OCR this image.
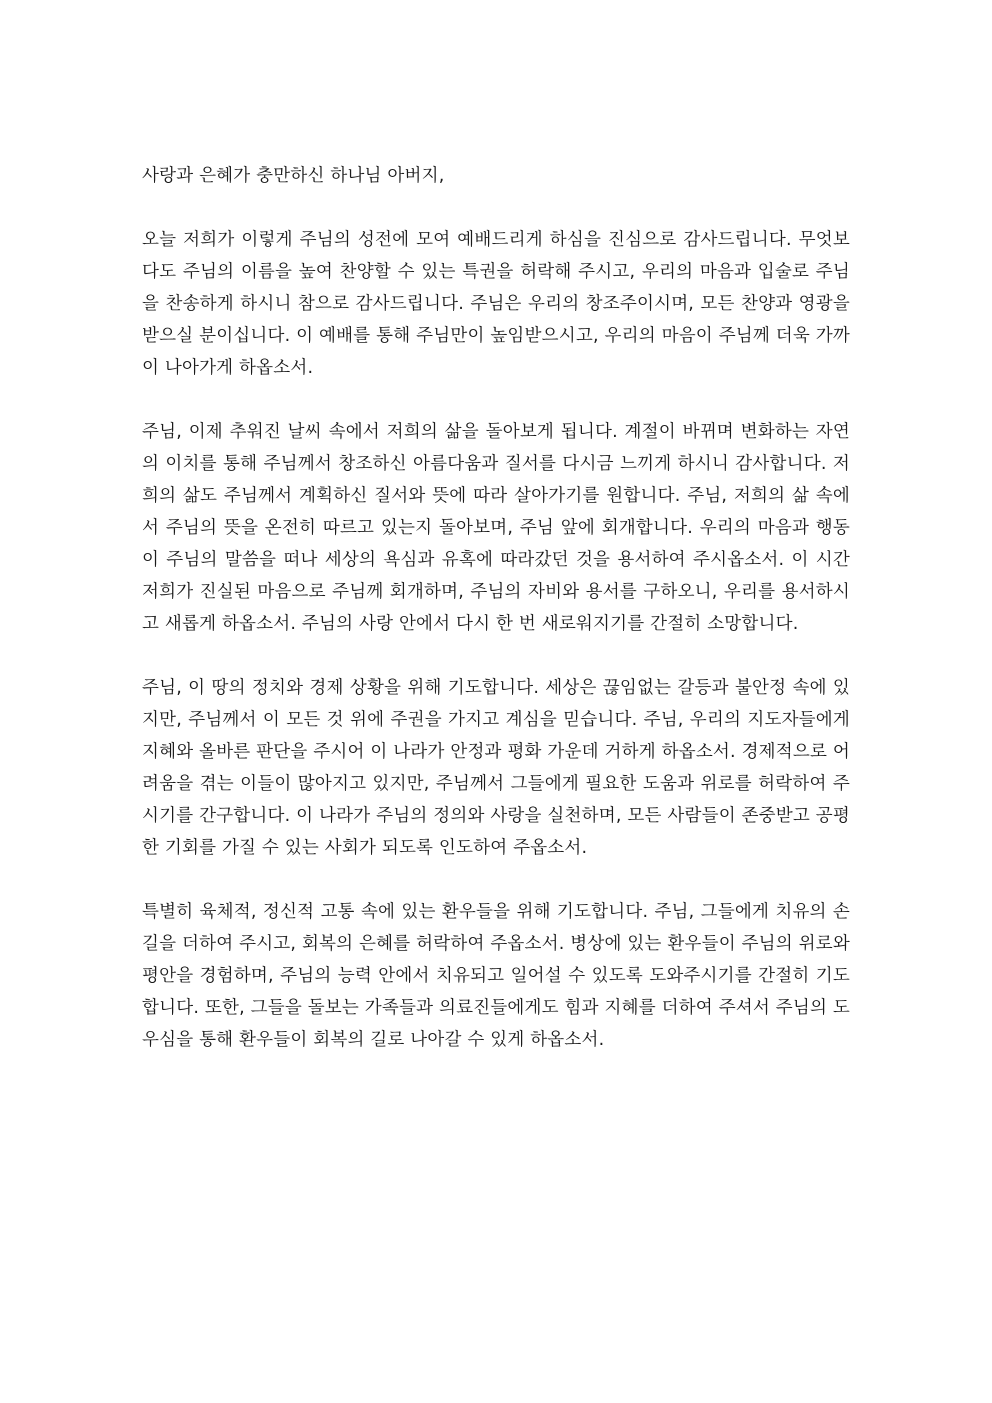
사랑과 은혜가 충만하신 하나님 아버지,

오늘 저희가 이렇게 주님의 성전에 모여 예배드리게 하심을 진심으로 감사드립니다. 무엇보다도 주님의 이름을 높여 찬양할 수 있는 특권을 허락해 주시고, 우리의 마음과 입술로 주님을 찬송하게 하시니 참으로 감사드립니다. 주님은 우리의 창조주이시며, 모든 찬양과 영광을 받으실 분이십니다. 이 예배를 통해 주님만이 높임받으시고, 우리의 마음이 주님께 더욱 가까이 나아가게 하옵소서.

주님, 이제 추워진 날씨 속에서 저희의 삶을 돌아보게 됩니다. 계절이 바뀌며 변화하는 자연의 이치를 통해 주님께서 창조하신 아름다움과 질서를 다시금 느끼게 하시니 감사합니다. 저희의 삶도 주님께서 계획하신 질서와 뜻에 따라 살아가기를 원합니다. 주님, 저희의 삶 속에서 주님의 뜻을 온전히 따르고 있는지 돌아보며, 주님 앞에 회개합니다. 우리의 마음과 행동이 주님의 말씀을 떠나 세상의 욕심과 유혹에 따라갔던 것을 용서하여 주시옵소서. 이 시간 저희가 진실된 마음으로 주님께 회개하며, 주님의 자비와 용서를 구하오니, 우리를 용서하시고 새롭게 하옵소서. 주님의 사랑 안에서 다시 한 번 새로워지기를 간절히 소망합니다.

주님, 이 땅의 정치와 경제 상황을 위해 기도합니다. 세상은 끊임없는 갈등과 불안정 속에 있지만, 주님께서 이 모든 것 위에 주권을 가지고 계심을 믿습니다. 주님, 우리의 지도자들에게 지혜와 올바른 판단을 주시어 이 나라가 안정과 평화 가운데 거하게 하옵소서. 경제적으로 어려움을 겪는 이들이 많아지고 있지만, 주님께서 그들에게 필요한 도움과 위로를 허락하여 주시기를 간구합니다. 이 나라가 주님의 정의와 사랑을 실천하며, 모든 사람들이 존중받고 공평한 기회를 가질 수 있는 사회가 되도록 인도하여 주옵소서.

특별히 육체적, 정신적 고통 속에 있는 환우들을 위해 기도합니다. 주님, 그들에게 치유의 손길을 더하여 주시고, 회복의 은혜를 허락하여 주옵소서. 병상에 있는 환우들이 주님의 위로와 평안을 경험하며, 주님의 능력 안에서 치유되고 일어설 수 있도록 도와주시기를 간절히 기도합니다. 또한, 그들을 돌보는 가족들과 의료진들에게도 힘과 지혜를 더하여 주셔서 주님의 도우심을 통해 환우들이 회복의 길로 나아갈 수 있게 하옵소서.
